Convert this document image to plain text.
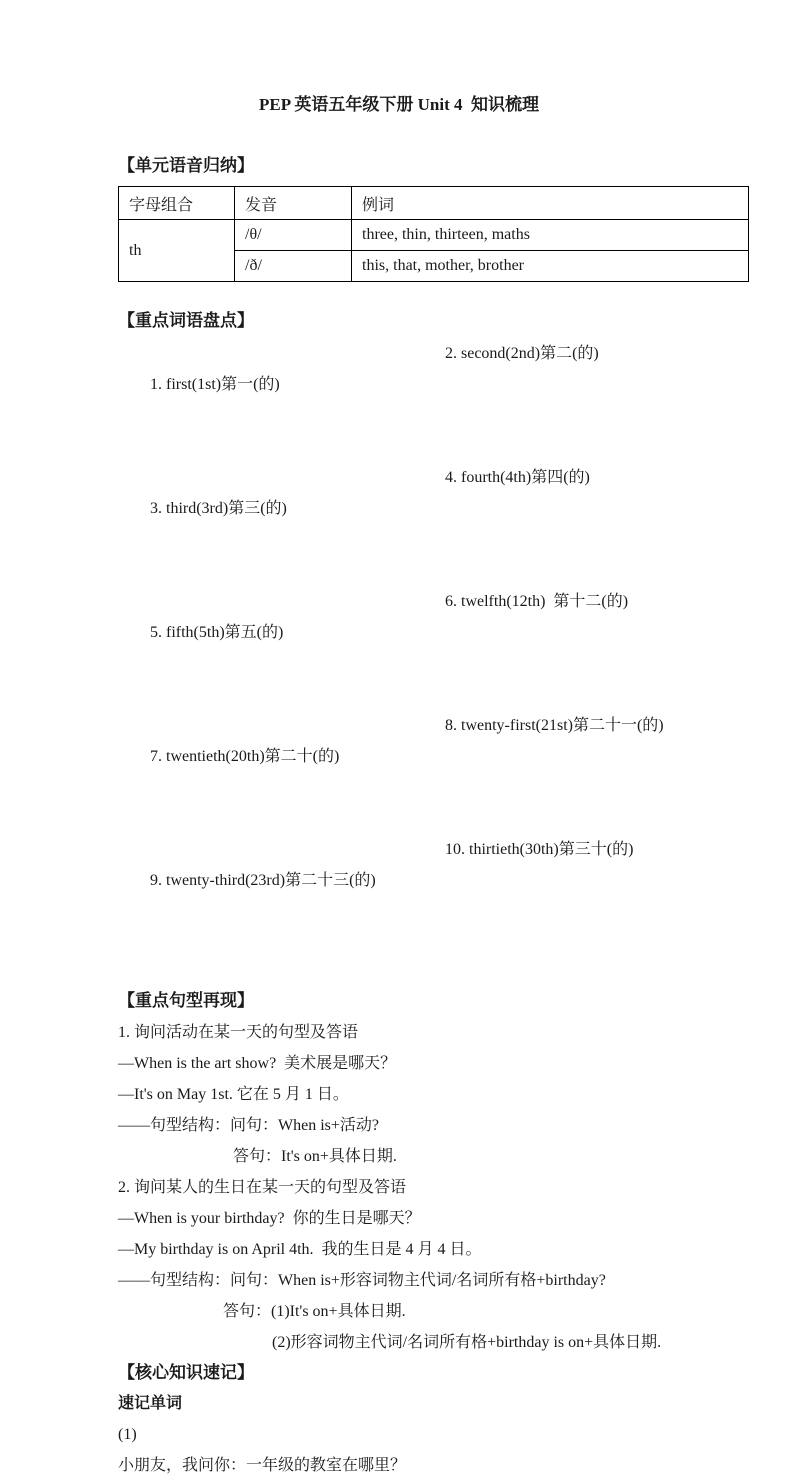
PEP 英语五年级下册 Unit 4  知识梳理
【单元语音归纳】
字母组合	发音	例词
th	/θ/	three, thin, thirteen, maths
	/ð/	this, that, mother, brother
【重点词语盘点】

1. first(1st)第一(的)

2. second(2nd)第二(的)

3. third(3rd)第三(的)

4. fourth(4th)第四(的)

5. fifth(5th)第五(的)

6. twelfth(12th)  第十二(的)

7. twentieth(20th)第二十(的)

8. twenty-first(21st)第二十一(的)

9. twenty-third(23rd)第二十三(的)

10. thirtieth(30th)第三十(的)

【重点句型再现】
1. 询问活动在某一天的句型及答语
—When is the art show?  美术展是哪天？
—It's on May 1st. 它在 5 月 1 日。
——句型结构：问句：When is+活动?
答句：It's on+具体日期.
2. 询问某人的生日在某一天的句型及答语
—When is your birthday?  你的生日是哪天？
—My birthday is on April 4th.  我的生日是 4 月 4 日。
——句型结构：问句：When is+形容词物主代词/名词所有格+birthday?
答句：(1)It's on+具体日期.
(2)形容词物主代词/名词所有格+birthday is on+具体日期.
【核心知识速记】
速记单词
(1)
小朋友，我问你：一年级的教室在哪里？
